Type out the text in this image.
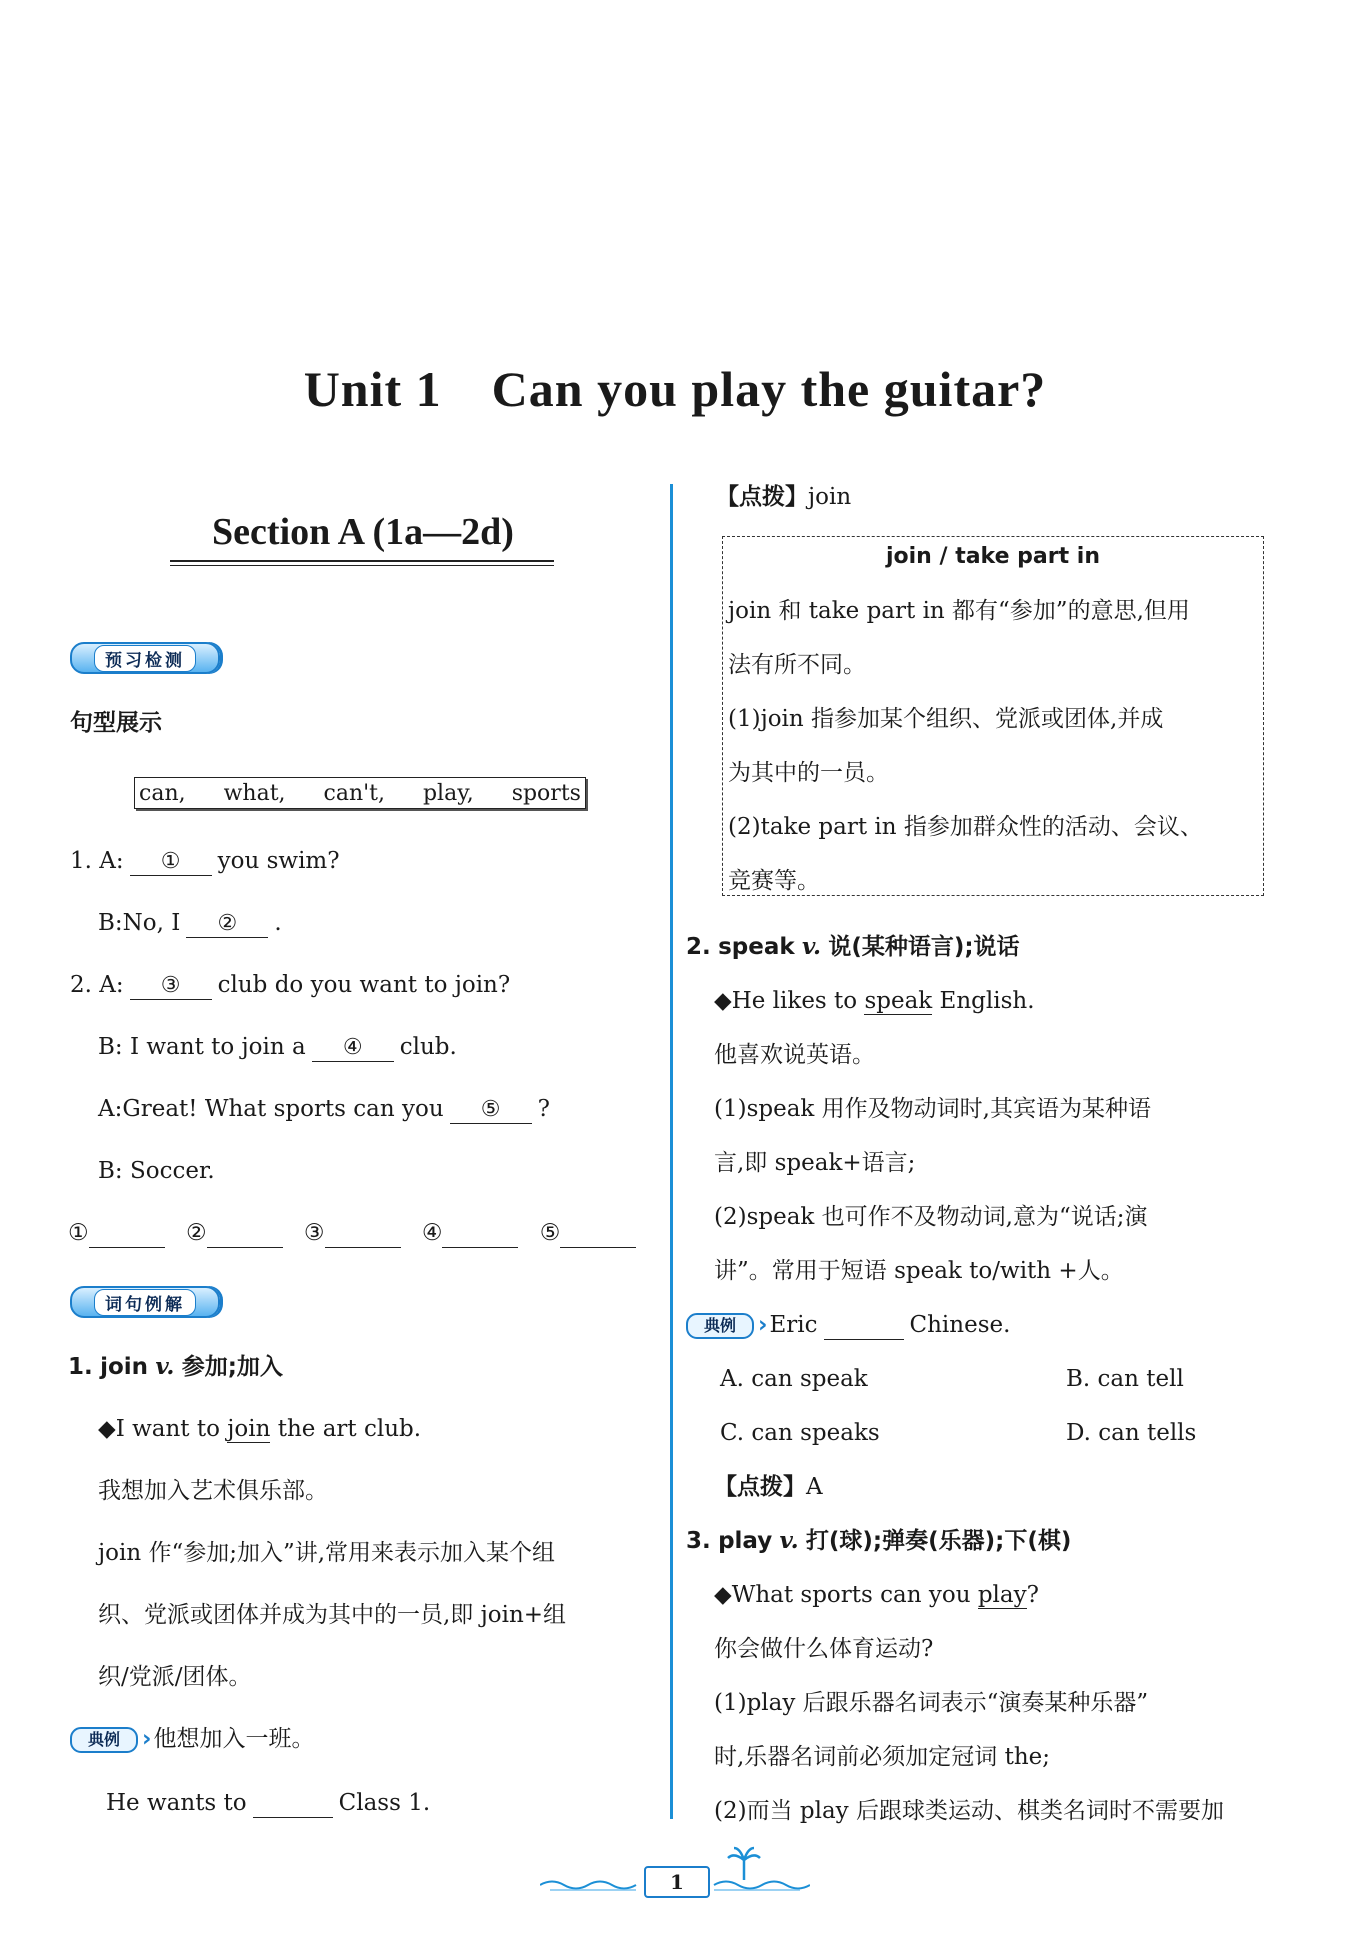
Unit 1 Can you play the guitar?
Section A (1a—2d)
预习检测
句型展示
can, what, can't, play, sports
1. A: ① you swim?
B:No, I ② .
2. A: ③ club do you want to join?
B: I want to join a ④ club.
A:Great! What sports can you ⑤ ?
B: Soccer.
①	②	③	④	⑤
词句例解
1. join v. 参加;加入
◆I want to join the art club.
我想加入艺术俱乐部。
join 作“参加;加入”讲,常用来表示加入某个组
织、党派或团体并成为其中的一员,即 join+组
织/党派/团体。
典例 ›他想加入一班。
He wants to	Class 1.
【点拨】join
join / take part in
join 和 take part in 都有“参加”的意思,但用
法有所不同。
(1)join 指参加某个组织、党派或团体,并成
为其中的一员。
(2)take part in 指参加群众性的活动、会议、
竞赛等。
2. speak v. 说(某种语言);说话
◆He likes to speak English.
他喜欢说英语。
(1)speak 用作及物动词时,其宾语为某种语
言,即 speak+语言;
(2)speak 也可作不及物动词,意为“说话;演
讲”。常用于短语 speak to/with +人。
典例 ›Eric	Chinese.
A. can speak	B. can tell
C. can speaks	D. can tells
【点拨】A
3. play v. 打(球);弹奏(乐器);下(棋)
◆What sports can you play?
你会做什么体育运动?
(1)play 后跟乐器名词表示“演奏某种乐器”
时,乐器名词前必须加定冠词 the;
(2)而当 play 后跟球类运动、棋类名词时不需要加
1
